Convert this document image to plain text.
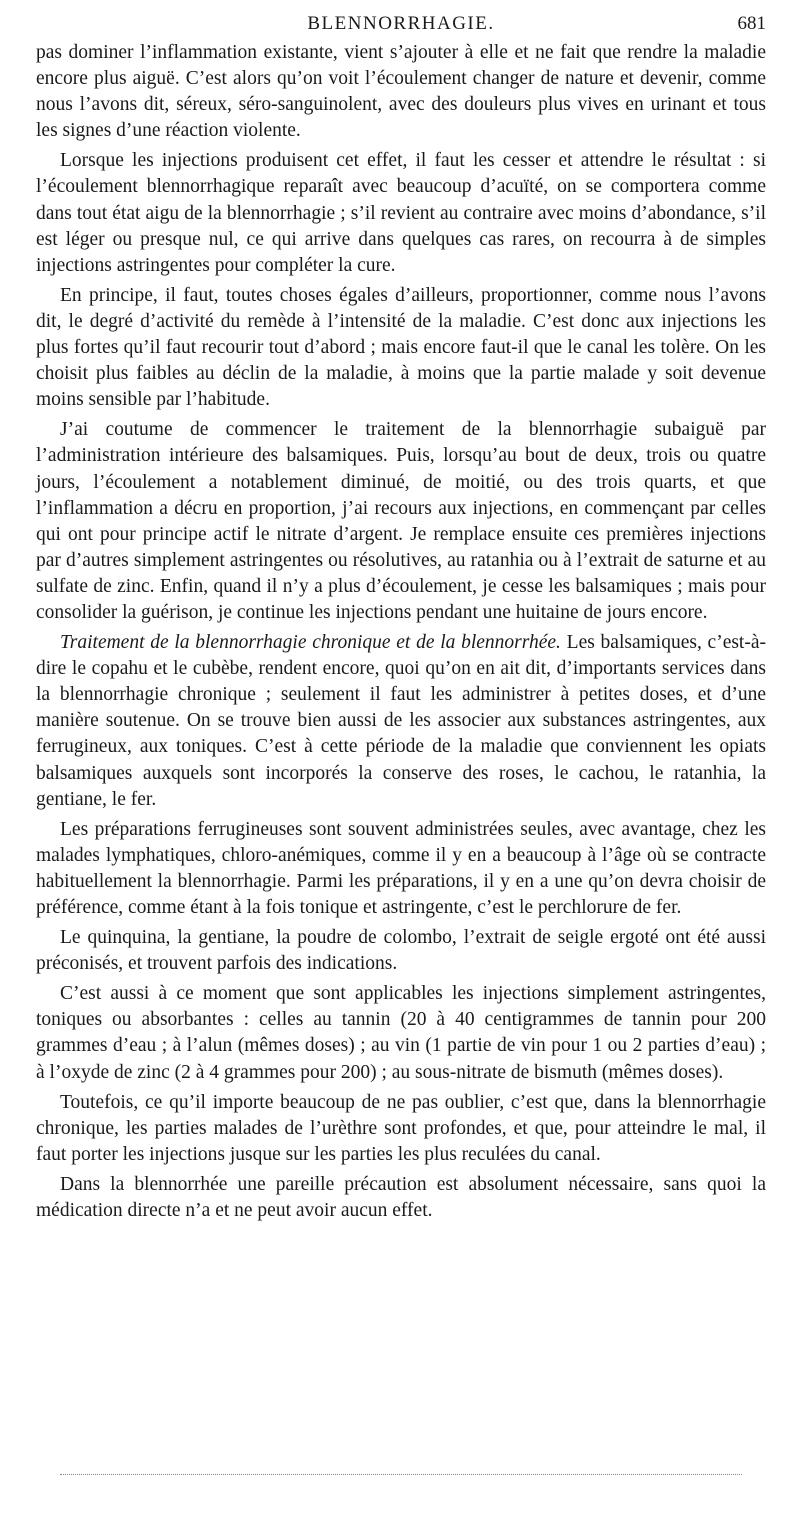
BLENNORRHAGIE.	681

pas dominer l’inflammation existante, vient s’ajouter à elle et ne fait que rendre la maladie encore plus aiguë. C’est alors qu’on voit l’écoulement changer de nature et devenir, comme nous l’avons dit, séreux, séro-sanguinolent, avec des douleurs plus vives en urinant et tous les signes d’une réaction violente.

Lorsque les injections produisent cet effet, il faut les cesser et attendre le résultat : si l’écoulement blennorrhagique reparaît avec beaucoup d’acuïté, on se comportera comme dans tout état aigu de la blennorrhagie ; s’il revient au contraire avec moins d’abondance, s’il est léger ou presque nul, ce qui arrive dans quelques cas rares, on recourra à de simples injections astringentes pour compléter la cure.

En principe, il faut, toutes choses égales d’ailleurs, proportionner, comme nous l’avons dit, le degré d’activité du remède à l’intensité de la maladie. C’est donc aux injections les plus fortes qu’il faut recourir tout d’abord ; mais encore faut-il que le canal les tolère. On les choisit plus faibles au déclin de la maladie, à moins que la partie malade y soit devenue moins sensible par l’habitude.

J’ai coutume de commencer le traitement de la blennorrhagie subaiguë par l’administration intérieure des balsamiques. Puis, lorsqu’au bout de deux, trois ou quatre jours, l’écoulement a notablement diminué, de moitié, ou des trois quarts, et que l’inflammation a décru en proportion, j’ai recours aux injections, en commençant par celles qui ont pour principe actif le nitrate d’argent. Je remplace ensuite ces premières injections par d’autres simplement astringentes ou résolutives, au ratanhia ou à l’extrait de saturne et au sulfate de zinc. Enfin, quand il n’y a plus d’écoulement, je cesse les balsamiques ; mais pour consolider la guérison, je continue les injections pendant une huitaine de jours encore.

Traitement de la blennorrhagie chronique et de la blennorrhée. Les balsamiques, c’est-à-dire le copahu et le cubèbe, rendent encore, quoi qu’on en ait dit, d’importants services dans la blennorrhagie chronique ; seulement il faut les administrer à petites doses, et d’une manière soutenue. On se trouve bien aussi de les associer aux substances astringentes, aux ferrugineux, aux toniques. C’est à cette période de la maladie que conviennent les opiats balsamiques auxquels sont incorporés la conserve des roses, le cachou, le ratanhia, la gentiane, le fer.

Les préparations ferrugineuses sont souvent administrées seules, avec avantage, chez les malades lymphatiques, chloro-anémiques, comme il y en a beaucoup à l’âge où se contracte habituellement la blennorrhagie. Parmi les préparations, il y en a une qu’on devra choisir de préférence, comme étant à la fois tonique et astringente, c’est le perchlorure de fer.

Le quinquina, la gentiane, la poudre de colombo, l’extrait de seigle ergoté ont été aussi préconisés, et trouvent parfois des indications.

C’est aussi à ce moment que sont applicables les injections simplement astringentes, toniques ou absorbantes : celles au tannin (20 à 40 centigrammes de tannin pour 200 grammes d’eau ; à l’alun (mêmes doses) ; au vin (1 partie de vin pour 1 ou 2 parties d’eau) ; à l’oxyde de zinc (2 à 4 grammes pour 200) ; au sous-nitrate de bismuth (mêmes doses).

Toutefois, ce qu’il importe beaucoup de ne pas oublier, c’est que, dans la blennorrhagie chronique, les parties malades de l’urèthre sont profondes, et que, pour atteindre le mal, il faut porter les injections jusque sur les parties les plus reculées du canal.

Dans la blennorrhée une pareille précaution est absolument nécessaire, sans quoi la médication directe n’a et ne peut avoir aucun effet.
